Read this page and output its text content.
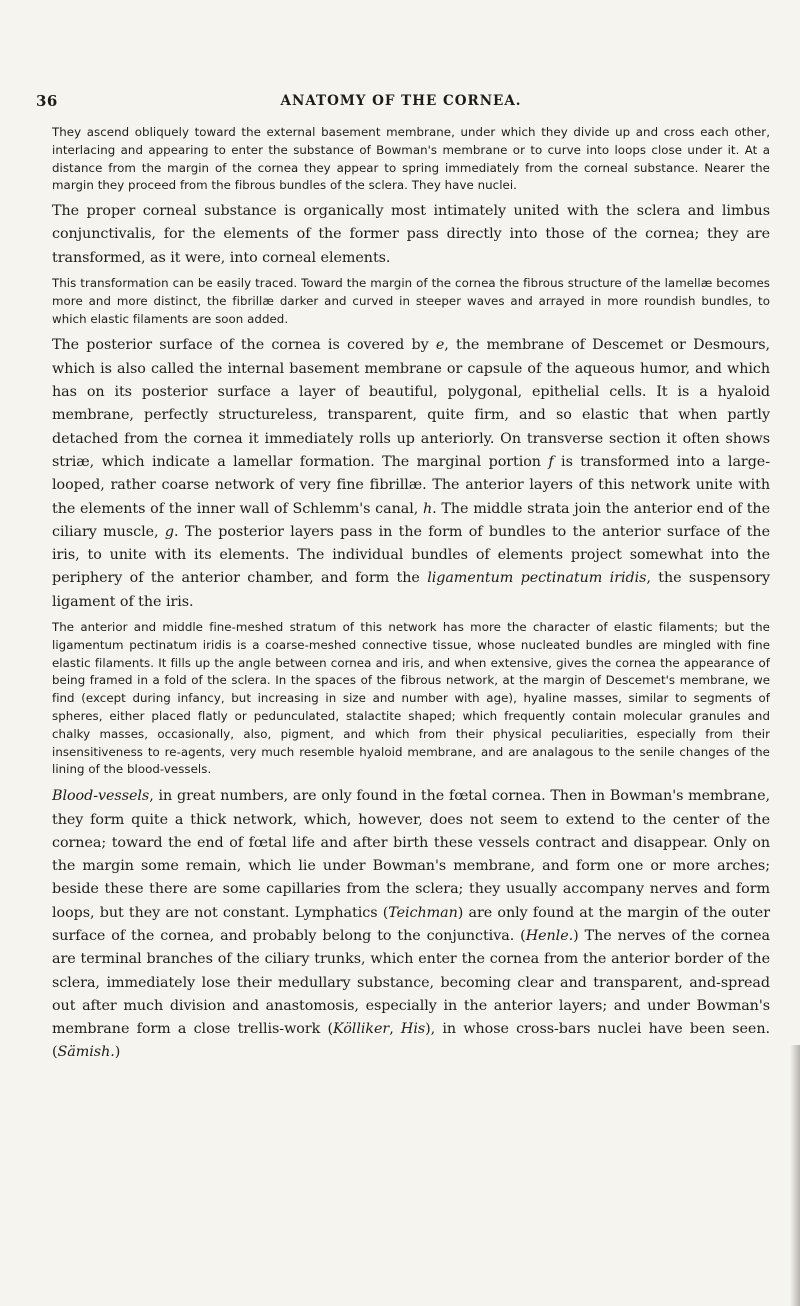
36	ANATOMY OF THE CORNEA.

They ascend obliquely toward the external basement membrane, under which they divide up and cross each other, interlacing and appearing to enter the substance of Bowman's membrane or to curve into loops close under it. At a distance from the margin of the cornea they appear to spring immediately from the corneal substance. Nearer the margin they proceed from the fibrous bundles of the sclera. They have nuclei.

The proper corneal substance is organically most intimately united with the sclera and limbus conjunctivalis, for the elements of the former pass directly into those of the cornea; they are transformed, as it were, into corneal elements.

This transformation can be easily traced. Toward the margin of the cornea the fibrous structure of the lamellæ becomes more and more distinct, the fibrillæ darker and curved in steeper waves and arrayed in more roundish bundles, to which elastic filaments are soon added.

The posterior surface of the cornea is covered by e, the membrane of Descemet or Desmours, which is also called the internal basement membrane or capsule of the aqueous humor, and which has on its posterior surface a layer of beautiful, polygonal, epithelial cells. It is a hyaloid membrane, perfectly structureless, transparent, quite firm, and so elastic that when partly detached from the cornea it immediately rolls up anteriorly. On transverse section it often shows striæ, which indicate a lamellar formation. The marginal portion f is transformed into a large-looped, rather coarse network of very fine fibrillæ. The anterior layers of this network unite with the elements of the inner wall of Schlemm's canal, h. The middle strata join the anterior end of the ciliary muscle, g. The posterior layers pass in the form of bundles to the anterior surface of the iris, to unite with its elements. The individual bundles of elements project somewhat into the periphery of the anterior chamber, and form the ligamentum pectinatum iridis, the suspensory ligament of the iris.

The anterior and middle fine-meshed stratum of this network has more the character of elastic filaments; but the ligamentum pectinatum iridis is a coarse-meshed connective tissue, whose nucleated bundles are mingled with fine elastic filaments. It fills up the angle between cornea and iris, and when extensive, gives the cornea the appearance of being framed in a fold of the sclera. In the spaces of the fibrous network, at the margin of Descemet's membrane, we find (except during infancy, but increasing in size and number with age), hyaline masses, similar to segments of spheres, either placed flatly or pedunculated, stalactite shaped; which frequently contain molecular granules and chalky masses, occasionally, also, pigment, and which from their physical peculiarities, especially from their insensitiveness to re-agents, very much resemble hyaloid membrane, and are analagous to the senile changes of the lining of the blood-vessels.

Blood-vessels, in great numbers, are only found in the fœtal cornea. Then in Bowman's membrane, they form quite a thick network, which, however, does not seem to extend to the center of the cornea; toward the end of fœtal life and after birth these vessels contract and disappear. Only on the margin some remain, which lie under Bowman's membrane, and form one or more arches; beside these there are some capillaries from the sclera; they usually accompany nerves and form loops, but they are not constant. Lymphatics (Teichman) are only found at the margin of the outer surface of the cornea, and probably belong to the conjunctiva. (Henle.) The nerves of the cornea are terminal branches of the ciliary trunks, which enter the cornea from the anterior border of the sclera, immediately lose their medullary substance, becoming clear and transparent, and-spread out after much division and anastomosis, especially in the anterior layers; and under Bowman's membrane form a close trellis-work (Kölliker, His), in whose cross-bars nuclei have been seen. (Sämish.)
